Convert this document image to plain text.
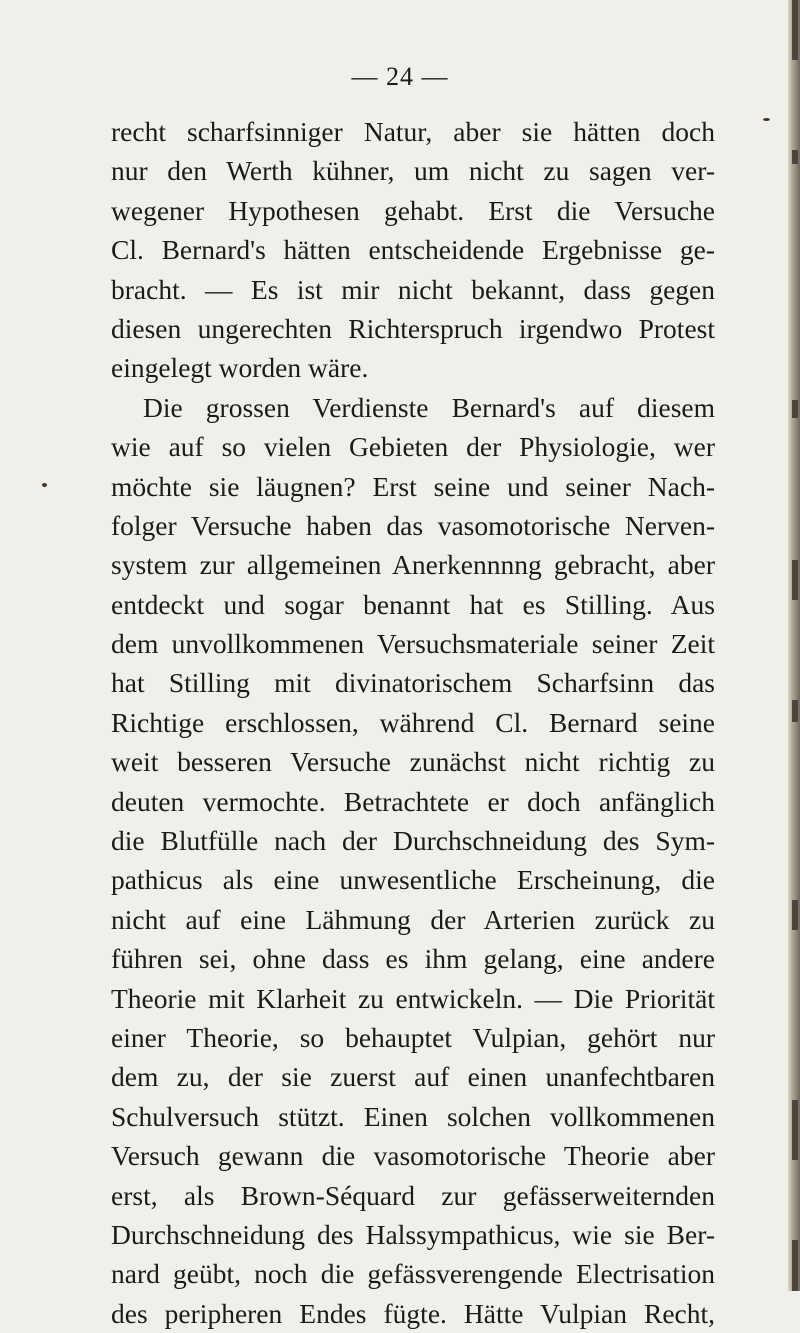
— 24 —
recht scharfsinniger Natur, aber sie hätten doch
nur den Werth kühner, um nicht zu sagen ver-
wegener Hypothesen gehabt. Erst die Versuche
Cl. Bernard's hätten entscheidende Ergebnisse ge-
bracht. — Es ist mir nicht bekannt, dass gegen
diesen ungerechten Richterspruch irgendwo Protest
eingelegt worden wäre.
Die grossen Verdienste Bernard's auf diesem
wie auf so vielen Gebieten der Physiologie, wer
möchte sie läugnen? Erst seine und seiner Nach-
folger Versuche haben das vasomotorische Nerven-
system zur allgemeinen Anerkennnng gebracht, aber
entdeckt und sogar benannt hat es Stilling. Aus
dem unvollkommenen Versuchsmateriale seiner Zeit
hat Stilling mit divinatorischem Scharfsinn das
Richtige erschlossen, während Cl. Bernard seine
weit besseren Versuche zunächst nicht richtig zu
deuten vermochte. Betrachtete er doch anfänglich
die Blutfülle nach der Durchschneidung des Sym-
pathicus als eine unwesentliche Erscheinung, die
nicht auf eine Lähmung der Arterien zurück zu
führen sei, ohne dass es ihm gelang, eine andere
Theorie mit Klarheit zu entwickeln. — Die Priorität
einer Theorie, so behauptet Vulpian, gehört nur
dem zu, der sie zuerst auf einen unanfechtbaren
Schulversuch stützt. Einen solchen vollkommenen
Versuch gewann die vasomotorische Theorie aber
erst, als Brown-Séquard zur gefässerweiternden
Durchschneidung des Halssympathicus, wie sie Ber-
nard geübt, noch die gefässverengende Electrisation
des peripheren Endes fügte. Hätte Vulpian Recht,
